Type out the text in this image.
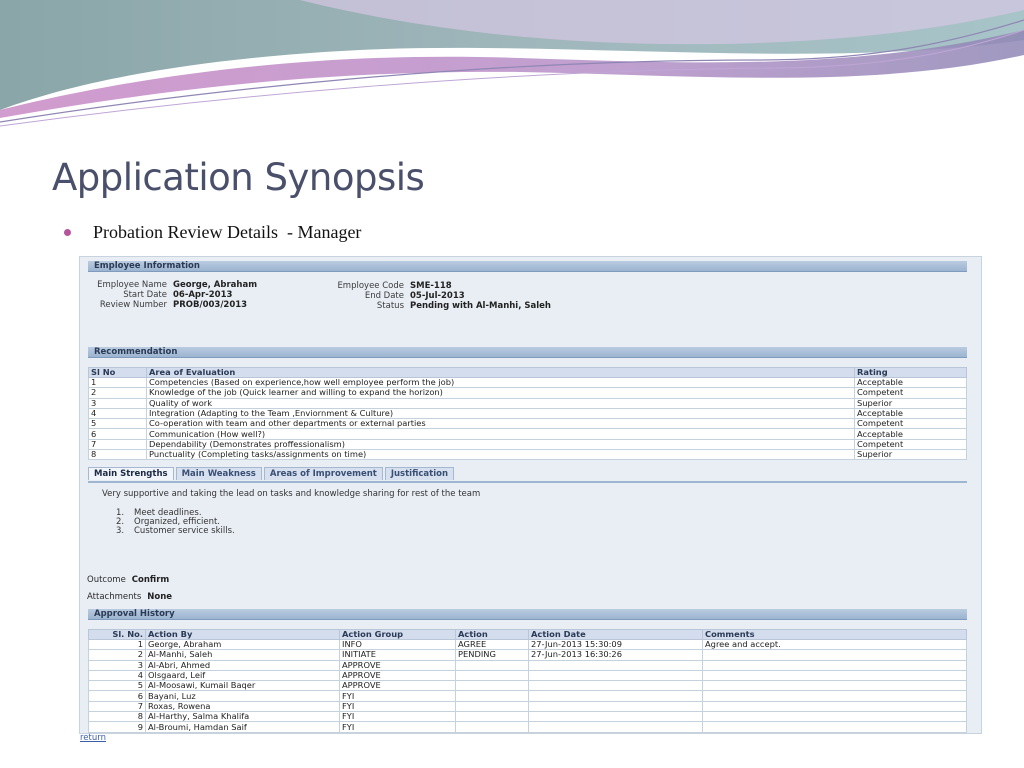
Application Synopsis
Probation Review Details  - Manager
Employee Information
Employee Name George, Abraham
Start Date 06-Apr-2013
Review Number PROB/003/2013
Employee Code SME-118
End Date 05-Jul-2013
Status Pending with Al-Manhi, Saleh
Recommendation
Sl No	Area of Evaluation	Rating
1	Competencies (Based on experience,how well employee perform the job)	Acceptable
2	Knowledge of the job (Quick learner and willing to expand the horizon)	Competent
3	Quality of work	Superior
4	Integration (Adapting to the Team ,Enviornment & Culture)	Acceptable
5	Co-operation with team and other departments or external parties	Competent
6	Communication (How well?)	Acceptable
7	Dependability (Demonstrates proffessionalism)	Competent
8	Punctuality (Completing tasks/assignments on time)	Superior
Main Strengths	Main Weakness	Areas of Improvement	Justification
Very supportive and taking the lead on tasks and knowledge sharing for rest of the team
1. Meet deadlines.
2. Organized, efficient.
3. Customer service skills.
Outcome Confirm
Attachments None
Approval History
Sl. No.	Action By	Action Group	Action	Action Date	Comments
1	George, Abraham	INFO	AGREE	27-Jun-2013 15:30:09	Agree and accept.
2	Al-Manhi, Saleh	INITIATE	PENDING	27-Jun-2013 16:30:26	
3	Al-Abri, Ahmed	APPROVE			
4	Olsgaard, Leif	APPROVE			
5	Al-Moosawi, Kumail Baqer	APPROVE			
6	Bayani, Luz	FYI			
7	Roxas, Rowena	FYI			
8	Al-Harthy, Salma Khalifa	FYI			
9	Al-Broumi, Hamdan Saif	FYI			
return
